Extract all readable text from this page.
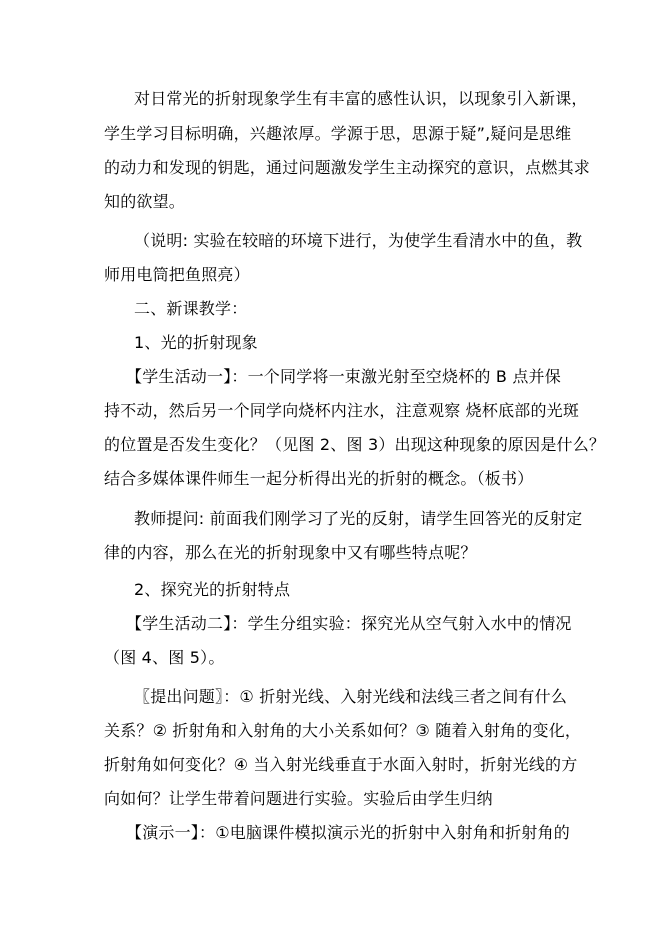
对日常光的折射现象学生有丰富的感性认识，以现象引入新课，
学生学习目标明确，兴趣浓厚。学源于思，思源于疑”,疑问是思维
的动力和发现的钥匙，通过问题激发学生主动探究的意识，点燃其求
知的欲望。
（说明: 实验在较暗的环境下进行，为使学生看清水中的鱼，教
师用电筒把鱼照亮）
二、新课教学：
1、光的折射现象
【学生活动一】：一个同学将一束激光射至空烧杯的 B 点并保
持不动，然后另一个同学向烧杯内注水，注意观察 烧杯底部的光斑
的位置是否发生变化？（见图 2、图 3）出现这种现象的原因是什么？
结合多媒体课件师生一起分析得出光的折射的概念。（板书）
教师提问: 前面我们刚学习了光的反射，请学生回答光的反射定
律的内容，那么在光的折射现象中又有哪些特点呢？
2、探究光的折射特点
【学生活动二】：学生分组实验：探究光从空气射入水中的情况
（图 4、图 5）。
〖提出问题〗：① 折射光线、入射光线和法线三者之间有什么
关系？② 折射角和入射角的大小关系如何？③ 随着入射角的变化，
折射角如何变化？④ 当入射光线垂直于水面入射时，折射光线的方
向如何？让学生带着问题进行实验。实验后由学生归纳
【演示一】：①电脑课件模拟演示光的折射中入射角和折射角的
